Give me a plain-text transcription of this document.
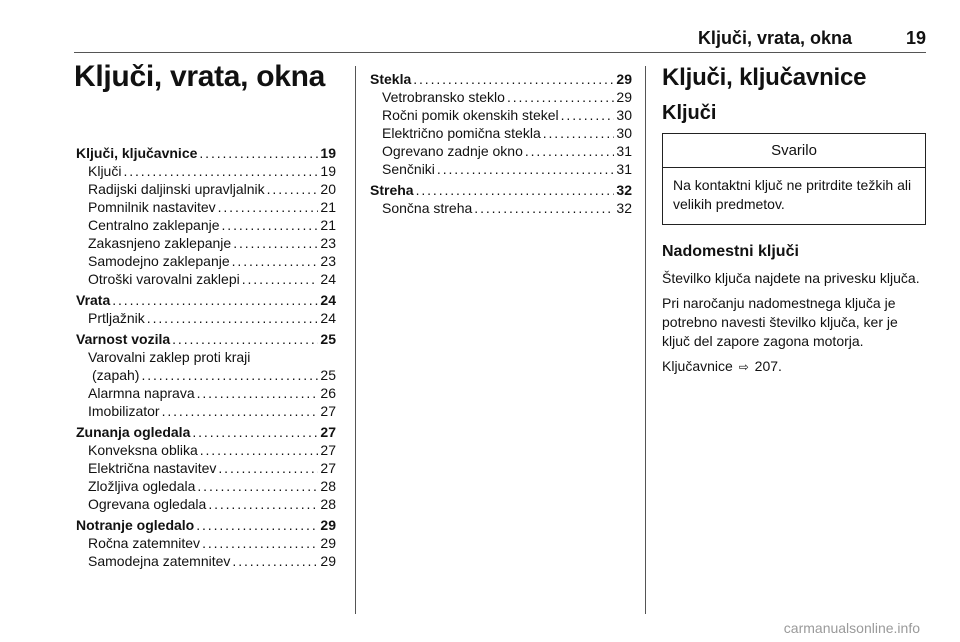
Ključi, vrata, okna	19
Ključi, vrata, okna
Ključi, ključavnice . . .	19
Ključi . . .	19
Radijski daljinski upravljalnik . . .	20
Pomnilnik nastavitev . . .	21
Centralno zaklepanje . . .	21
Zakasnjeno zaklepanje . . .	23
Samodejno zaklepanje . . .	23
Otroški varovalni zaklepi . . .	24
Vrata . . .	24
Prtljažnik . . .	24
Varnost vozila . . .	25
Varovalni zaklep proti kraji
(zapah) . . .	25
Alarmna naprava . . .	26
Imobilizator . . .	27
Zunanja ogledala . . .	27
Konveksna oblika . . .	27
Električna nastavitev . . .	27
Zložljiva ogledala . . .	28
Ogrevana ogledala . . .	28
Notranje ogledalo . . .	29
Ročna zatemnitev . . .	29
Samodejna zatemnitev . . .	29
Stekla . . .	29
Vetrobransko steklo . . .	29
Ročni pomik okenskih stekel . . .	30
Električno pomična stekla . . .	30
Ogrevano zadnje okno . . .	31
Senčniki . . .	31
Streha . . .	32
Sončna streha . . .	32
Ključi, ključavnice
Ključi
Svarilo
Na kontaktni ključ ne pritrdite težkih ali velikih predmetov.
Nadomestni ključi

Številko ključa najdete na privesku ključa.

Pri naročanju nadomestnega ključa je potrebno navesti številko ključa, ker je ključ del zapore zagona motorja.

Ključavnice ⇨ 207.

carmanualsonline.info
